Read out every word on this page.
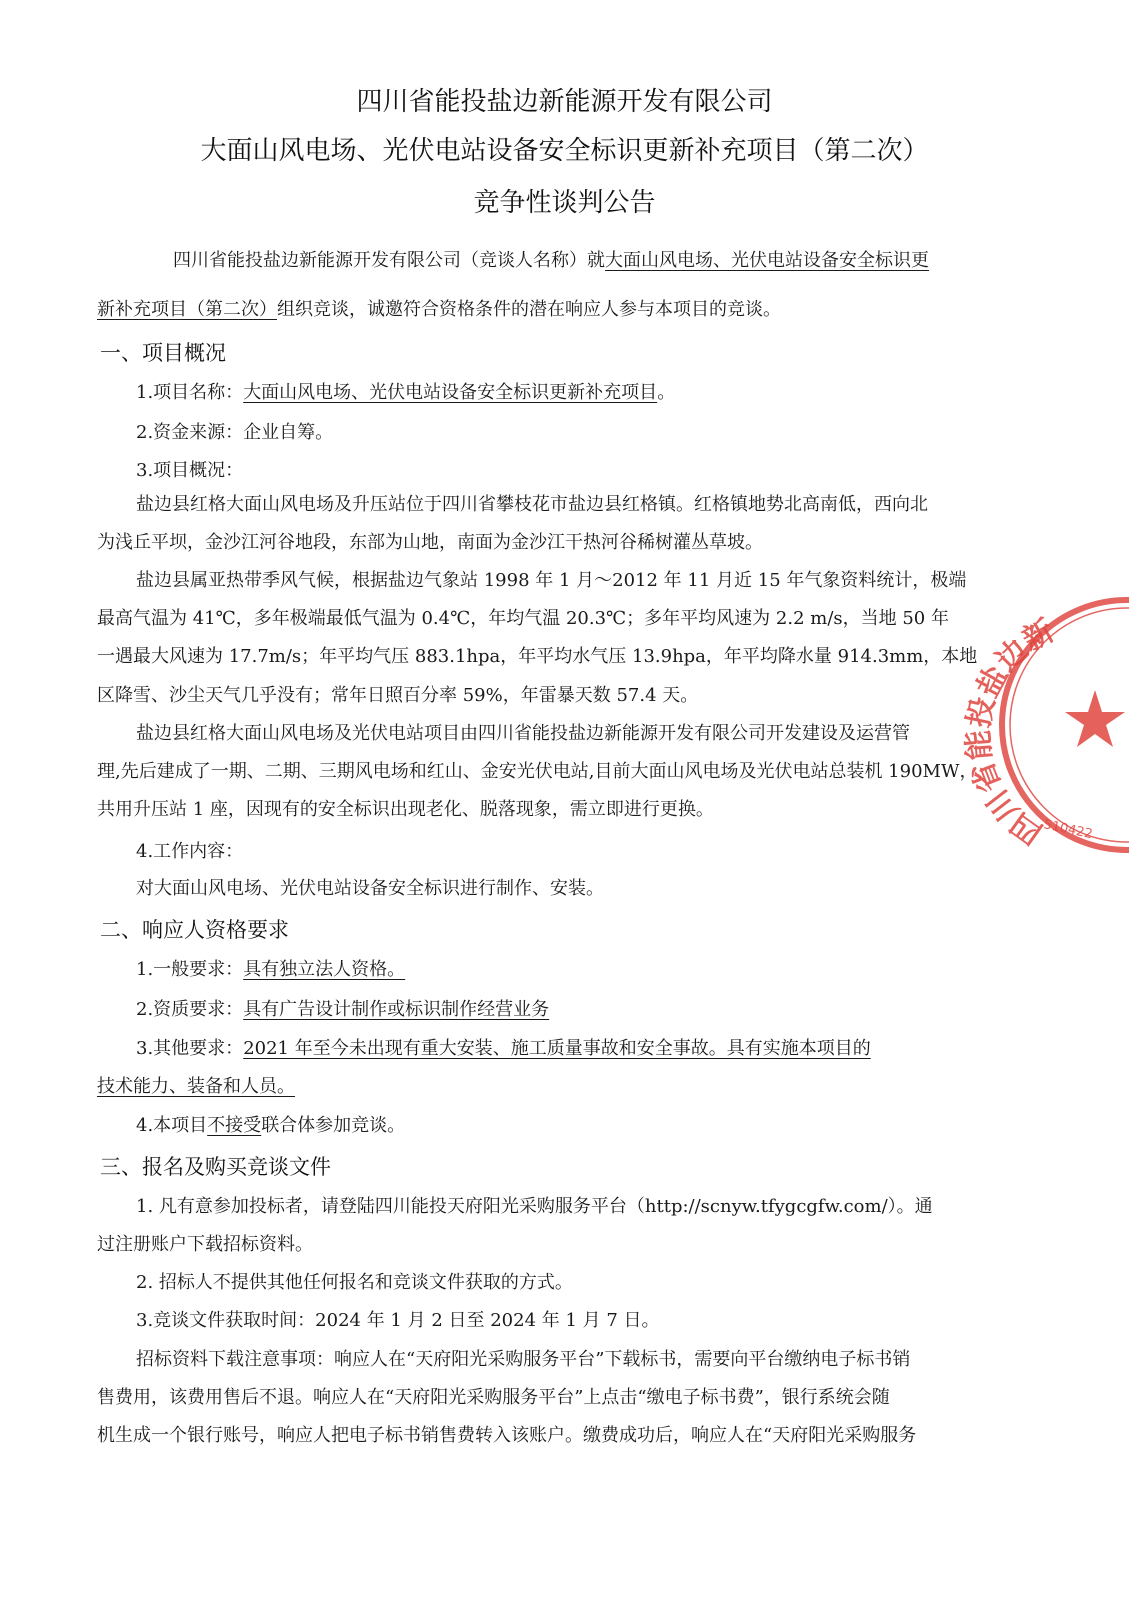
四川省能投盐边新能源开发有限公司
大面山风电场、光伏电站设备安全标识更新补充项目（第二次）
竞争性谈判公告
四川省能投盐边新能源开发有限公司（竞谈人名称）就大面山风电场、光伏电站设备安全标识更
新补充项目（第二次）组织竞谈，诚邀符合资格条件的潜在响应人参与本项目的竞谈。
一、项目概况
1.项目名称：大面山风电场、光伏电站设备安全标识更新补充项目。
2.资金来源：企业自筹。
3.项目概况：
盐边县红格大面山风电场及升压站位于四川省攀枝花市盐边县红格镇。红格镇地势北高南低，西向北
为浅丘平坝，金沙江河谷地段，东部为山地，南面为金沙江干热河谷稀树灌丛草坡。
盐边县属亚热带季风气候，根据盐边气象站 1998 年 1 月～2012 年 11 月近 15 年气象资料统计，极端
最高气温为 41℃，多年极端最低气温为 0.4℃，年均气温 20.3℃；多年平均风速为 2.2 m/s，当地 50 年
一遇最大风速为 17.7m/s；年平均气压 883.1hpa，年平均水气压 13.9hpa，年平均降水量 914.3mm，本地
区降雪、沙尘天气几乎没有；常年日照百分率 59%，年雷暴天数 57.4 天。
盐边县红格大面山风电场及光伏电站项目由四川省能投盐边新能源开发有限公司开发建设及运营管
理,先后建成了一期、二期、三期风电场和红山、金安光伏电站,目前大面山风电场及光伏电站总装机 190MW，
共用升压站 1 座，因现有的安全标识出现老化、脱落现象，需立即进行更换。
4.工作内容：
对大面山风电场、光伏电站设备安全标识进行制作、安装。
二、响应人资格要求
1.一般要求：具有独立法人资格。
2.资质要求：具有广告设计制作或标识制作经营业务
3.其他要求：2021 年至今未出现有重大安装、施工质量事故和安全事故。具有实施本项目的
技术能力、装备和人员。
4.本项目不接受联合体参加竞谈。
三、报名及购买竞谈文件
1. 凡有意参加投标者，请登陆四川能投天府阳光采购服务平台（http://scnyw.tfygcgfw.com/）。通
过注册账户下载招标资料。
2. 招标人不提供其他任何报名和竞谈文件获取的方式。
3.竞谈文件获取时间：2024 年 1 月 2 日至 2024 年 1 月 7 日。
招标资料下载注意事项：响应人在“天府阳光采购服务平台”下载标书，需要向平台缴纳电子标书销
售费用，该费用售后不退。响应人在“天府阳光采购服务平台”上点击“缴电子标书费”，银行系统会随
机生成一个银行账号，响应人把电子标书销售费转入该账户。缴费成功后，响应人在“天府阳光采购服务
四川省能投盐边新
510422
